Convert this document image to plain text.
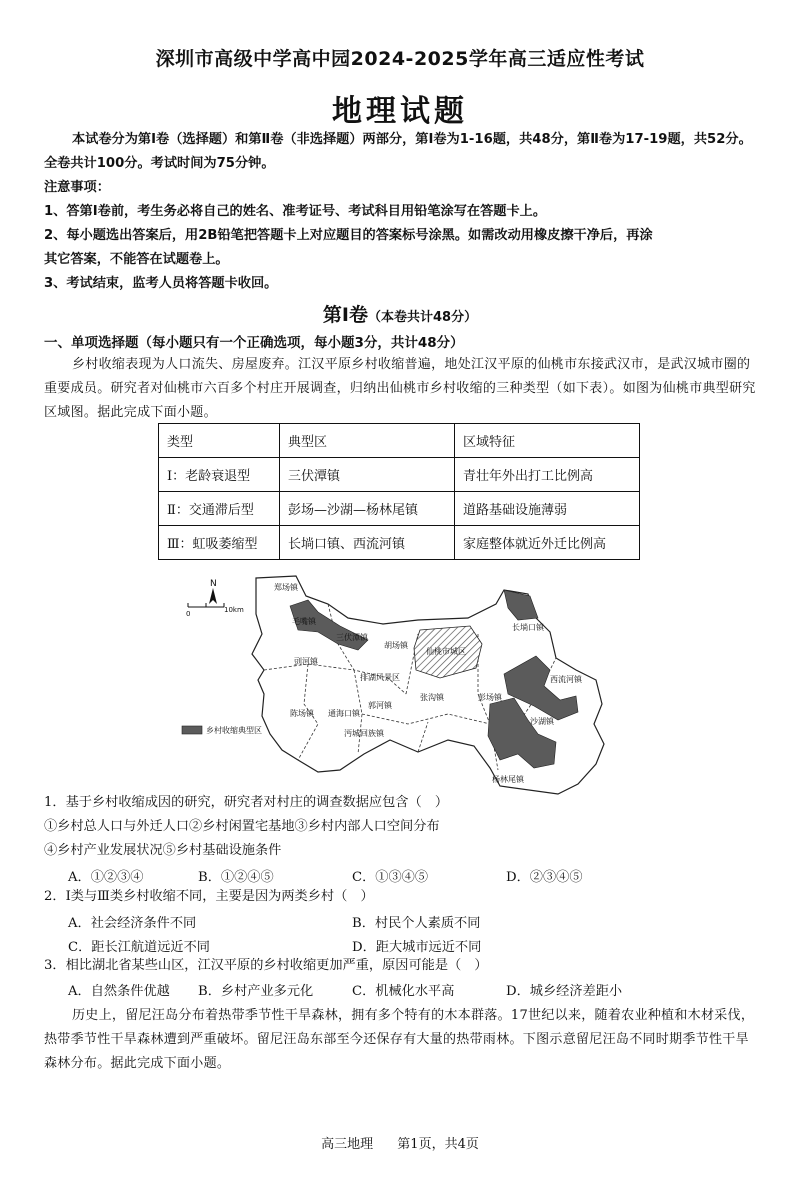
深圳市高级中学高中园2024-2025学年高三适应性考试
地理试题
本试卷分为第Ⅰ卷（选择题）和第Ⅱ卷（非选择题）两部分，第Ⅰ卷为1-16题，共48分，第Ⅱ卷为17-19题，共52分。全卷共计100分。考试时间为75分钟。
注意事项：
1、答第Ⅰ卷前，考生务必将自己的姓名、准考证号、考试科目用铅笔涂写在答题卡上。
2、每小题选出答案后，用2B铅笔把答题卡上对应题目的答案标号涂黑。如需改动用橡皮擦干净后，再涂
其它答案，不能答在试题卷上。
3、考试结束，监考人员将答题卡收回。
第Ⅰ卷（本卷共计48分）
一、单项选择题（每小题只有一个正确选项，每小题3分，共计48分）
乡村收缩表现为人口流失、房屋废弃。江汉平原乡村收缩普遍，地处江汉平原的仙桃市东接武汉市，是武汉城市圈的重要成员。研究者对仙桃市六百多个村庄开展调查，归纳出仙桃市乡村收缩的三种类型（如下表）。如图为仙桃市典型研究区域图。据此完成下面小题。
类型	典型区	区域特征
Ⅰ：老龄衰退型	三伏潭镇	青壮年外出打工比例高
Ⅱ：交通滞后型	彭场—沙湖—杨林尾镇	道路基础设施薄弱
Ⅲ：虹吸萎缩型	长埫口镇、西流河镇	家庭整体就近外迁比例高
郑场镇
毛嘴镇
三伏潭镇
胡场镇
仙桃市城区
长埫口镇
剅河镇
排湖风景区
张沟镇	彭场镇
西流河镇
陈场镇 通海口镇
郭河镇
沙湖镇
沔城回族镇
杨林尾镇
N
0	10km
乡村收缩典型区
1．基于乡村收缩成因的研究，研究者对村庄的调查数据应包含（　）
①乡村总人口与外迁人口②乡村闲置宅基地③乡村内部人口空间分布
④乡村产业发展状况⑤乡村基础设施条件
A．①②③④	B．①②④⑤	C．①③④⑤	D．②③④⑤
2．Ⅰ类与Ⅲ类乡村收缩不同，主要是因为两类乡村（　）
A．社会经济条件不同	B．村民个人素质不同
C．距长江航道远近不同	D．距大城市远近不同
3．相比湖北省某些山区，江汉平原的乡村收缩更加严重，原因可能是（　）
A．自然条件优越 B．乡村产业多元化	C．机械化水平高	D．城乡经济差距小
历史上，留尼汪岛分布着热带季节性干旱森林，拥有多个特有的木本群落。17世纪以来，随着农业种植和木材采伐，热带季节性干旱森林遭到严重破坏。留尼汪岛东部至今还保存有大量的热带雨林。下图示意留尼汪岛不同时期季节性干旱森林分布。据此完成下面小题。
高三地理 第1页，共4页
